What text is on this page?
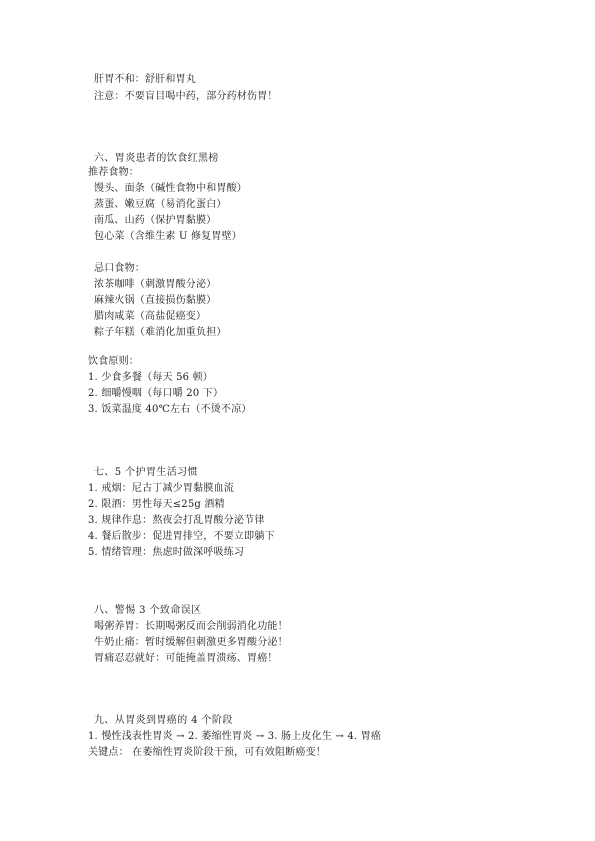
肝胃不和：舒肝和胃丸
注意：不要盲目喝中药，部分药材伤胃！
六、胃炎患者的饮食红黑榜
推荐食物：
馒头、面条（碱性食物中和胃酸）
蒸蛋、嫩豆腐（易消化蛋白）
南瓜、山药（保护胃黏膜）
包心菜（含维生素 U 修复胃壁）
忌口食物：
浓茶咖啡（刺激胃酸分泌）
麻辣火锅（直接损伤黏膜）
腊肉咸菜（高盐促癌变）
粽子年糕（难消化加重负担）
饮食原则：
1. 少食多餐（每天 56 顿）
2. 细嚼慢咽（每口嚼 20 下）
3. 饭菜温度 40℃左右（不烫不凉）
七、5 个护胃生活习惯
1. 戒烟：尼古丁减少胃黏膜血流
2. 限酒：男性每天≤25g 酒精
3. 规律作息：熬夜会打乱胃酸分泌节律
4. 餐后散步：促进胃排空，不要立即躺下
5. 情绪管理：焦虑时做深呼吸练习
八、警惕 3 个致命误区
喝粥养胃：长期喝粥反而会削弱消化功能！
牛奶止痛：暂时缓解但刺激更多胃酸分泌！
胃痛忍忍就好：可能掩盖胃溃疡、胃癌！
九、从胃炎到胃癌的 4 个阶段
1. 慢性浅表性胃炎 → 2. 萎缩性胃炎 → 3. 肠上皮化生 → 4. 胃癌
关键点： 在萎缩性胃炎阶段干预，可有效阻断癌变！
